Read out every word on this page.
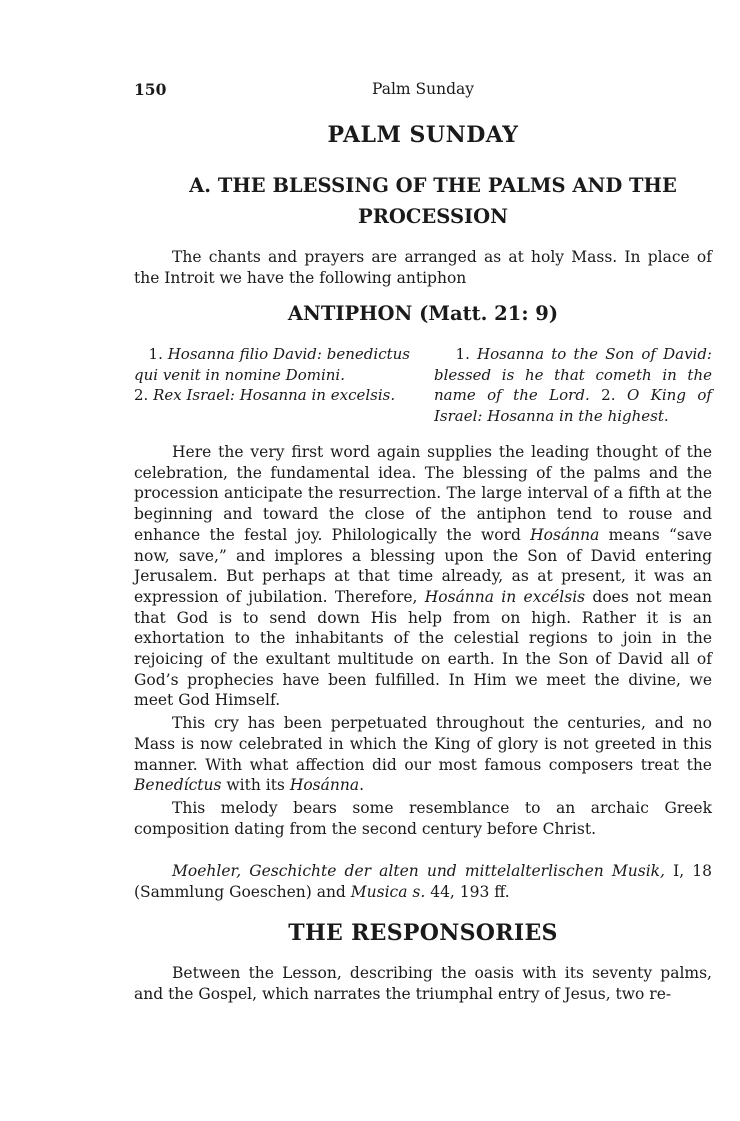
150	Palm Sunday
PALM SUNDAY
A. THE BLESSING OF THE PALMS AND THE
PROCESSION

The chants and prayers are arranged as at holy Mass. In place of the Introit we have the following antiphon

ANTIPHON (Matt. 21: 9)
1. Hosanna filio David: benedictus qui venit in nomine Domini.
2. Rex Israel: Hosanna in excelsis.
1. Hosanna to the Son of David: blessed is he that cometh in the name of the Lord. 2. O King of Israel: Hosanna in the highest.

Here the very first word again supplies the leading thought of the celebration, the fundamental idea. The blessing of the palms and the procession anticipate the resurrection. The large interval of a fifth at the beginning and toward the close of the antiphon tend to rouse and enhance the festal joy. Philologically the word Hosánna means “save now, save,” and implores a blessing upon the Son of David entering Jerusalem. But perhaps at that time already, as at present, it was an expression of jubilation. Therefore, Hosánna in excélsis does not mean that God is to send down His help from on high. Rather it is an exhortation to the inhabitants of the celestial regions to join in the rejoicing of the exultant multitude on earth. In the Son of David all of God’s prophecies have been fulfilled. In Him we meet the divine, we meet God Himself.

This cry has been perpetuated throughout the centuries, and no Mass is now celebrated in which the King of glory is not greeted in this manner. With what affection did our most famous composers treat the Benedíctus with its Hosánna.

This melody bears some resemblance to an archaic Greek composition dating from the second century before Christ.

Moehler, Geschichte der alten und mittelalterlischen Musik, I, 18 (Sammlung Goeschen) and Musica s. 44, 193 ff.

THE RESPONSORIES

Between the Lesson, describing the oasis with its seventy palms, and the Gospel, which narrates the triumphal entry of Jesus, two re-
